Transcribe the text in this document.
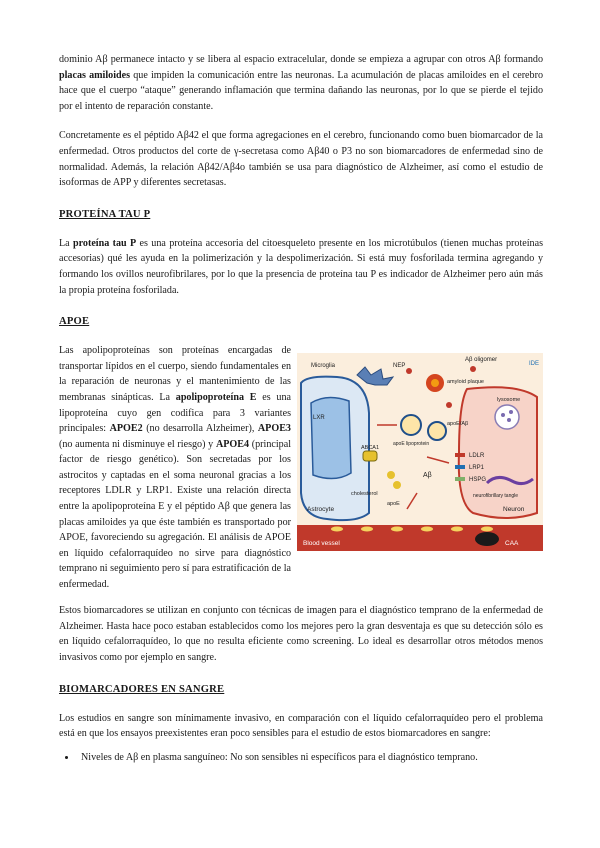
dominio Aβ permanece intacto y se libera al espacio extracelular, donde se empieza a agrupar con otros Aβ formando placas amiloides que impiden la comunicación entre las neuronas. La acumulación de placas amiloides en el cerebro hace que el cuerpo “ataque” generando inflamación que termina dañando las neuronas, por lo que se pierde el tejido por el intento de reparación constante.

Concretamente es el péptido Aβ42 el que forma agregaciones en el cerebro, funcionando como buen biomarcador de la enfermedad. Otros productos del corte de γ-secretasa como Aβ40 o P3 no son biomarcadores de enfermedad sino de normalidad. Además, la relación Aβ42/Aβ4o también se usa para diagnóstico de Alzheimer, así como el estudio de isoformas de APP y diferentes secretasas.

PROTEÍNA TAU P

La proteína tau P es una proteína accesoria del citoesqueleto presente en los microtúbulos (tienen muchas proteínas accesorias) qué les ayuda en la polimerización y la despolimerización. Si está muy fosforilada termina agregando y formando los ovillos neurofibrilares, por lo que la presencia de proteína tau P es indicador de Alzheimer pero aún más la propia proteína fosforilada.

APOE

Las apolipoproteínas son proteínas encargadas de transportar lípidos en el cuerpo, siendo fundamentales en la reparación de neuronas y el mantenimiento de las membranas sinápticas. La apolipoproteína E es una lipoproteína cuyo gen codifica para 3 variantes principales: APOE2 (no desarrolla Alzheimer), APOE3 (no aumenta ni disminuye el riesgo) y APOE4 (principal factor de riesgo genético). Son secretadas por los astrocitos y captadas en el soma neuronal gracias a los receptores LDLR y LRP1. Existe una relación directa entre la apolipoproteína E y el péptido Aβ que genera las placas amiloides ya que éste también es transportado por APOE, favoreciendo su agregación. El análisis de APOE en líquido cefalorraquídeo no sirve para diagnóstico temprano ni seguimiento pero sí para estratificación de la enfermedad.

IDE
Aβ oligomer
Microglia	NEP
amyloid plaque
lysosome
LXR
apoE lipoprotein
apoE/Aβ
ABCA1
cholesterol
Aβ
LDLR
LRP1
HSPG
neurofibrillary tangle
Astrocyte	Neuron
apoE
Blood vessel	CAA

Estos biomarcadores se utilizan en conjunto con técnicas de imagen para el diagnóstico temprano de la enfermedad de Alzheimer. Hasta hace poco estaban establecidos como los mejores pero la gran desventaja es que su detección sólo es en líquido cefalorraquídeo, lo que no resulta eficiente como screening. Lo ideal es desarrollar otros métodos menos invasivos como por ejemplo en sangre.

BIOMARCADORES EN SANGRE

Los estudios en sangre son mínimamente invasivo, en comparación con el líquido cefalorraquídeo pero el problema está en que los ensayos preexistentes eran poco sensibles para el estudio de estos biomarcadores en sangre:

• Niveles de Aβ en plasma sanguíneo: No son sensibles ni específicos para el diagnóstico temprano.
